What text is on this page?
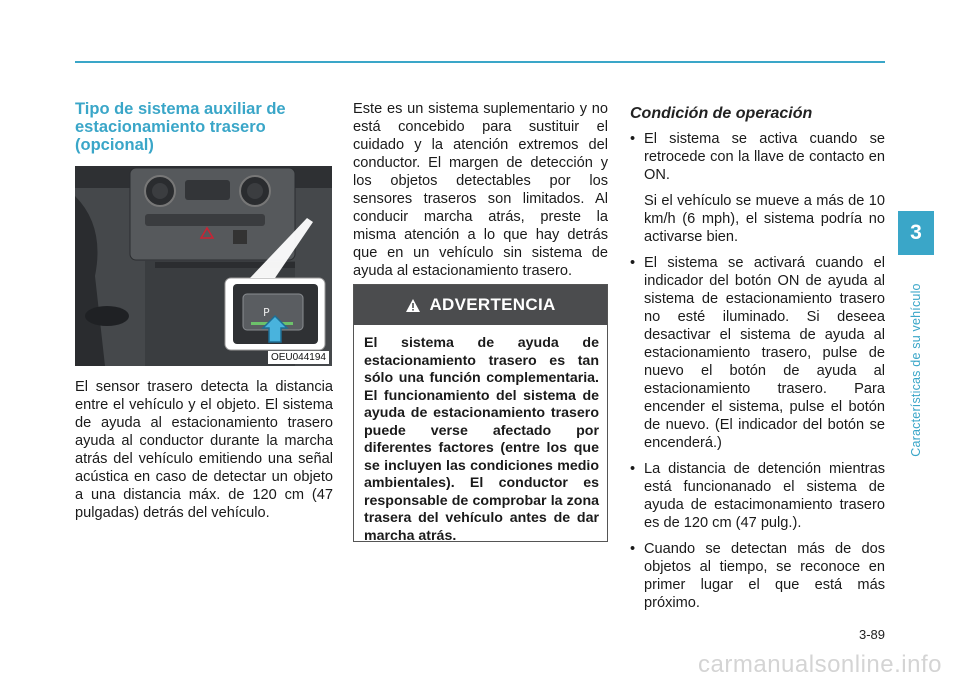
Tipo de sistema auxiliar de estacionamiento trasero (opcional)
P
OEU044194

El sensor trasero detecta la distancia entre el vehículo y el objeto. El sistema de ayuda al estacionamiento trasero ayuda al conductor durante la marcha atrás del vehículo emitiendo una señal acústica en caso de detectar un objeto a una distancia máx. de 120 cm (47 pulgadas) detrás del vehículo.

Este es un sistema suplementario y no está concebido para sustituir el cuidado y la atención extremos del conductor. El margen de detección y los objetos detectables por los sensores traseros son limitados. Al conducir marcha atrás, preste la misma atención a lo que hay detrás que en un vehículo sin sistema de ayuda al estacionamiento trasero.

ADVERTENCIA
El sistema de ayuda de estacionamiento trasero es tan sólo una función complementaria. El funcionamiento del sistema de ayuda de estacionamiento trasero puede verse afectado por diferentes factores (entre los que se incluyen las condiciones medio ambientales). El conductor es responsable de comprobar la zona trasera del vehículo antes de dar marcha atrás.
Condición de operación
• El sistema se activa cuando se retrocede con la llave de contacto en ON.

Si el vehículo se mueve a más de 10 km/h (6 mph), el sistema podría no activarse bien.

• El sistema se activará cuando el indicador del botón ON de ayuda al sistema de estacionamiento trasero no esté iluminado. Si deseea desactivar el sistema de ayuda al estacionamiento trasero, pulse de nuevo el botón de ayuda al estacionamiento trasero. Para encender el sistema, pulse el botón de nuevo. (El indicador del botón se encenderá.)

• La distancia de detención mientras está funcionanado el sistema de ayuda de estacimonamiento trasero es de 120 cm (47 pulg.).

• Cuando se detectan más de dos objetos al tiempo, se reconoce en primer lugar el que está más próximo.

3
Características de su vehículo
3-89
carmanualsonline.info
